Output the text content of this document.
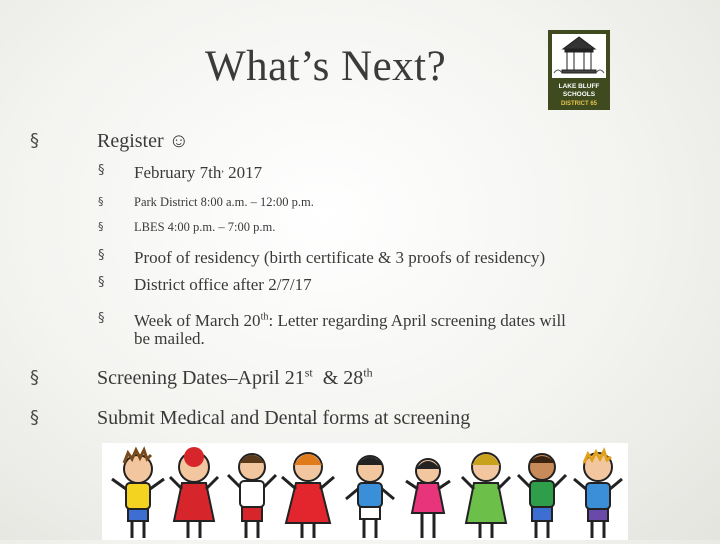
What’s Next?	LAKE BLUFF
SCHOOLS
DISTRICT 65
§	Register ☺
§ February 7th, 2017
§ Park District 8:00 a.m. – 12:00 p.m.
§ LBES 4:00 p.m. – 7:00 p.m.
§ Proof of residency (birth certificate & 3 proofs of residency)
§ District office after 2/7/17
§ Week of March 20th: Letter regarding April screening dates will
be mailed.
§	Screening Dates–April 21st  & 28th
§	Submit Medical and Dental forms at screening
